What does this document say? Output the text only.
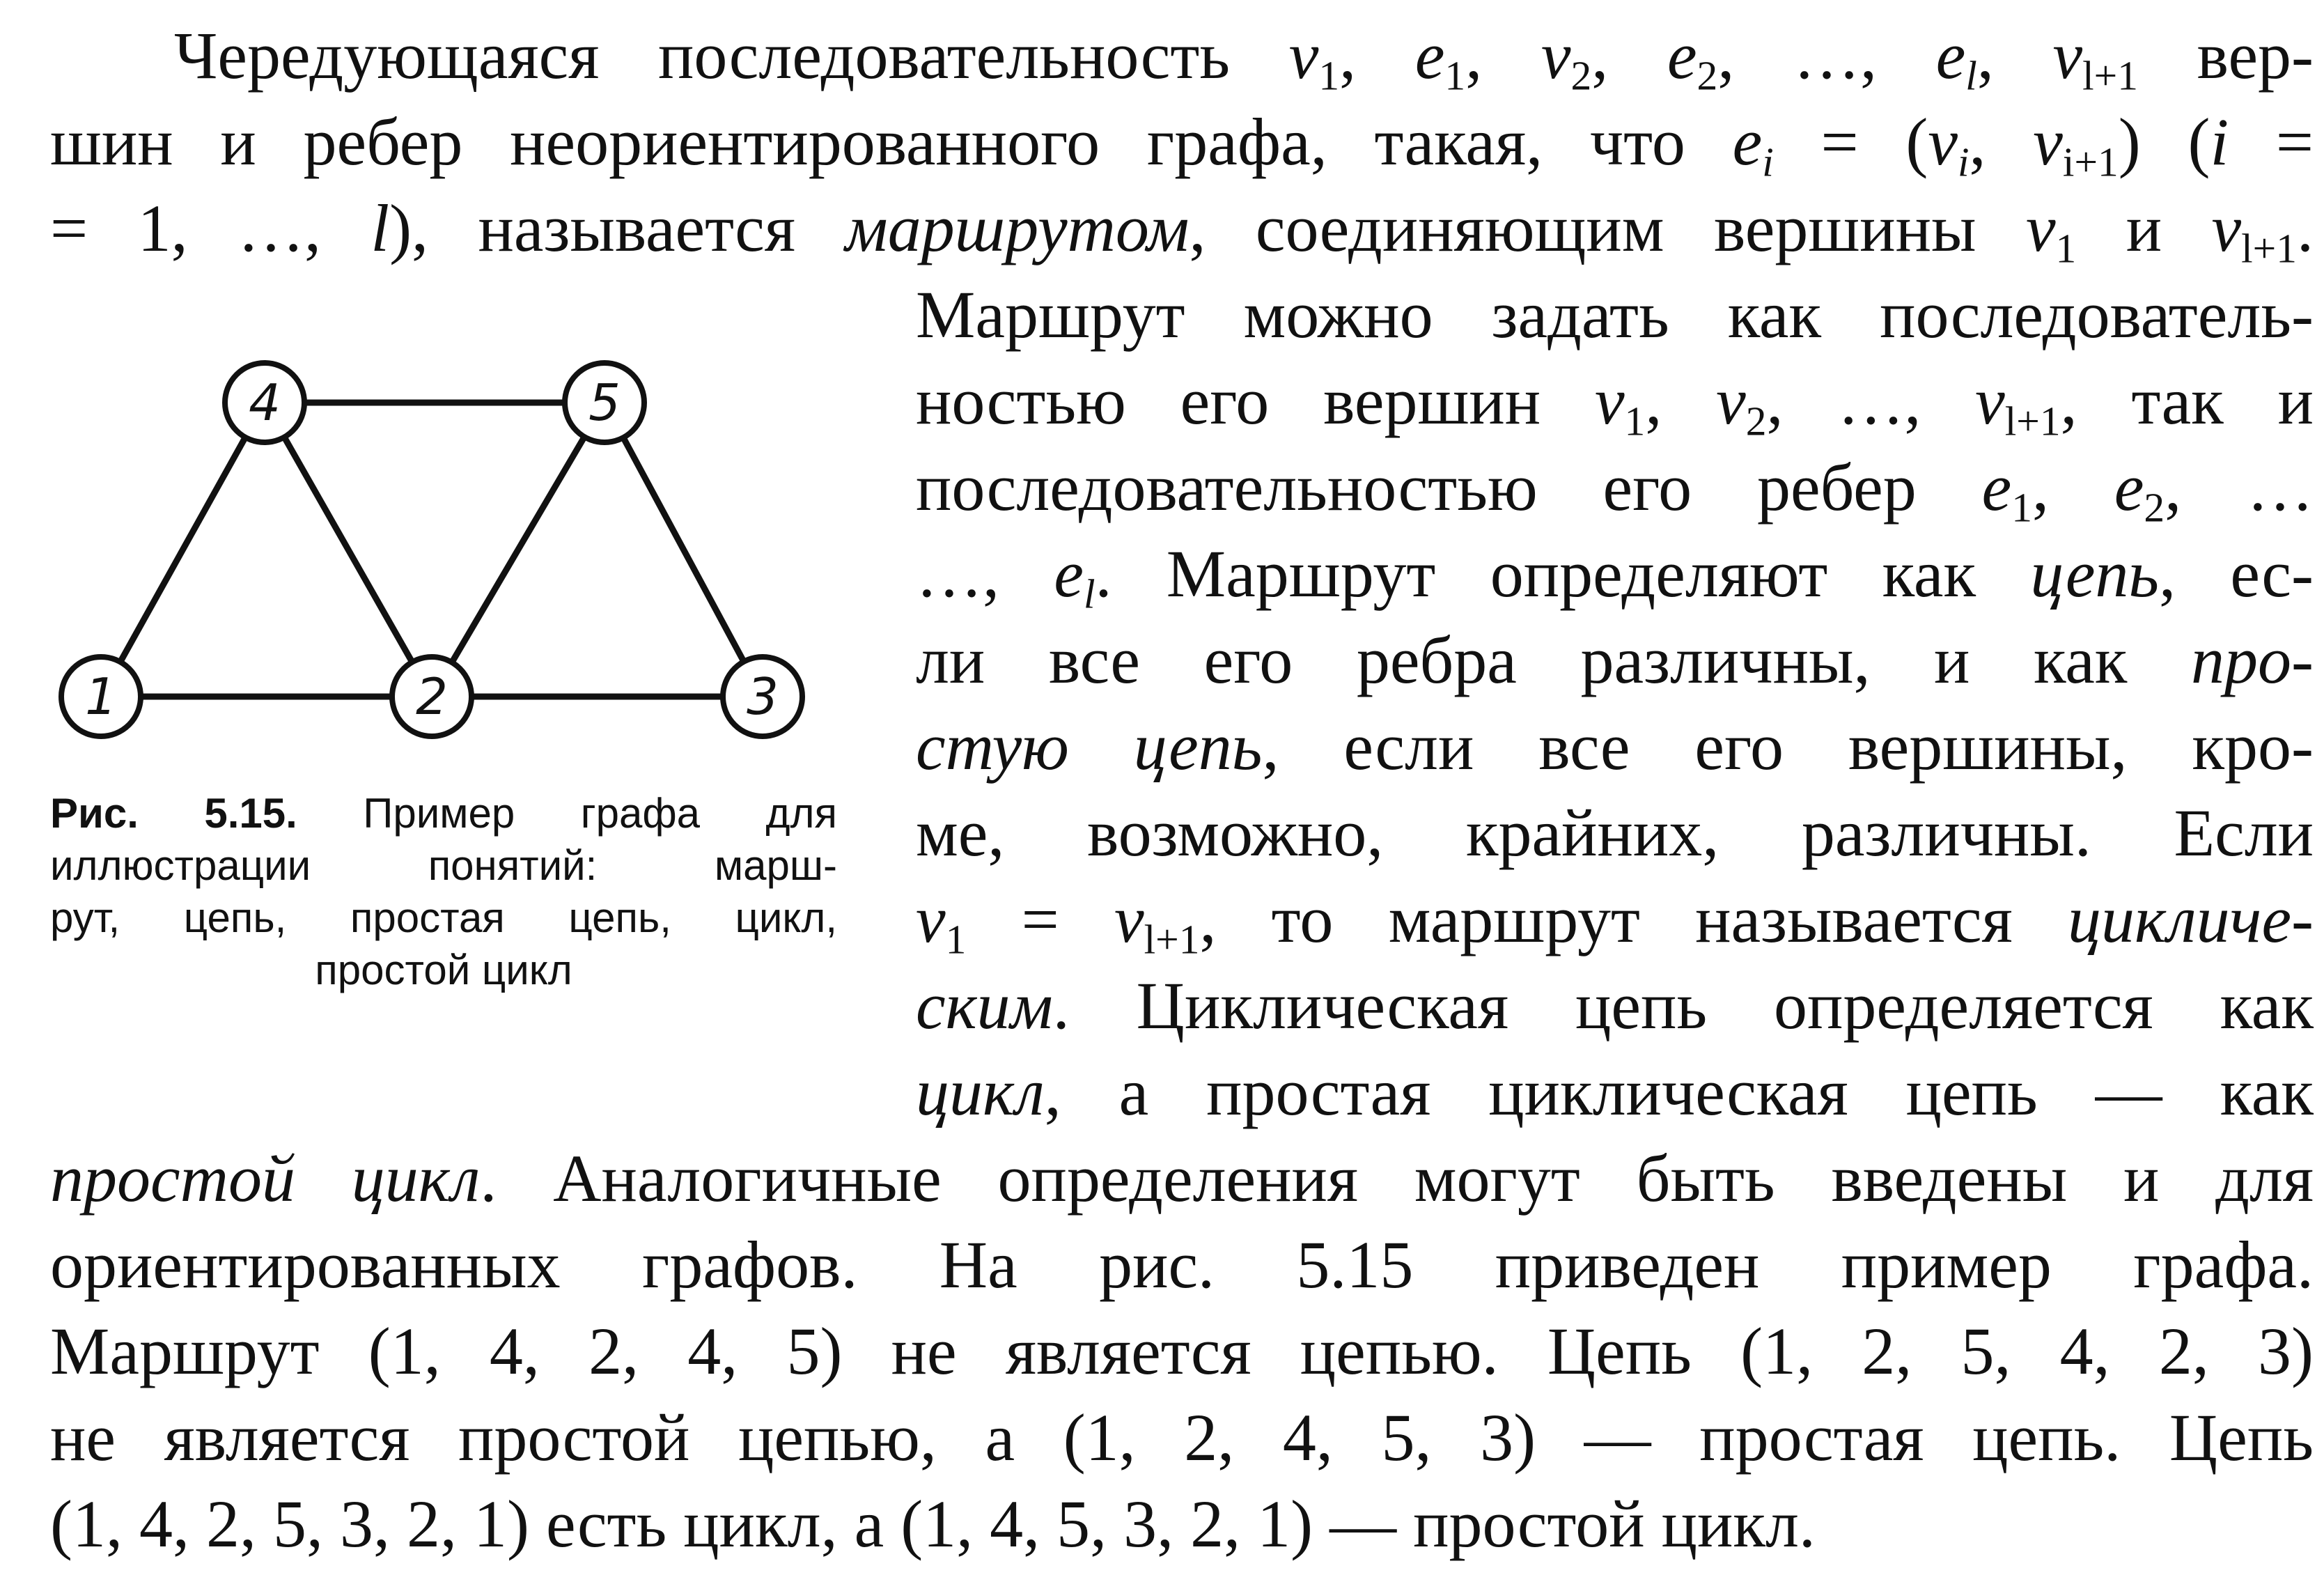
Чередующаяся последовательность $v_1$, $e_1$, $v_2$, $e_2$, …, $e_l$, $v_{l+1}$ вер-
шин и ребер неориентированного графа, такая, что $e_i = (v_i$, $v_{i+1}$) (i =
= 1, …, l), называется маршрутом, соединяющим вершины $v_1$ и $v_{l+1}$.
Маршрут можно задать как последователь-
ностью его вершин $v_1$, $v_2$, …, $v_{l+1}$, так и
последовательностью его ребер $e_1$, $e_2$, …
…, $e_l$. Маршрут определяют как цепь, ес-
ли все его ребра различны, и как про-
стую цепь, если все его вершины, кро-
ме, возможно, крайних, различны. Если
$v_1 = v_{l+1}$, то маршрут называется цикличе-
ским. Циклическая цепь определяется как
цикл, а простая циклическая цепь — как
простой цикл. Аналогичные определения могут быть введены и для
ориентированных графов. На рис. 5.15 приведен пример графа.
Маршрут (1, 4, 2, 4, 5) не является цепью. Цепь (1, 2, 5, 4, 2, 3)
не является простой цепью, а (1, 2, 4, 5, 3) — простая цепь. Цепь
(1, 4, 2, 5, 3, 2, 1) есть цикл, а (1, 4, 5, 3, 2, 1) — простой цикл.
1	2	3
4	5
Рис. 5.15. Пример графа для
иллюстрации понятий: марш-
рут, цепь, простая цепь, цикл,
простой цикл
